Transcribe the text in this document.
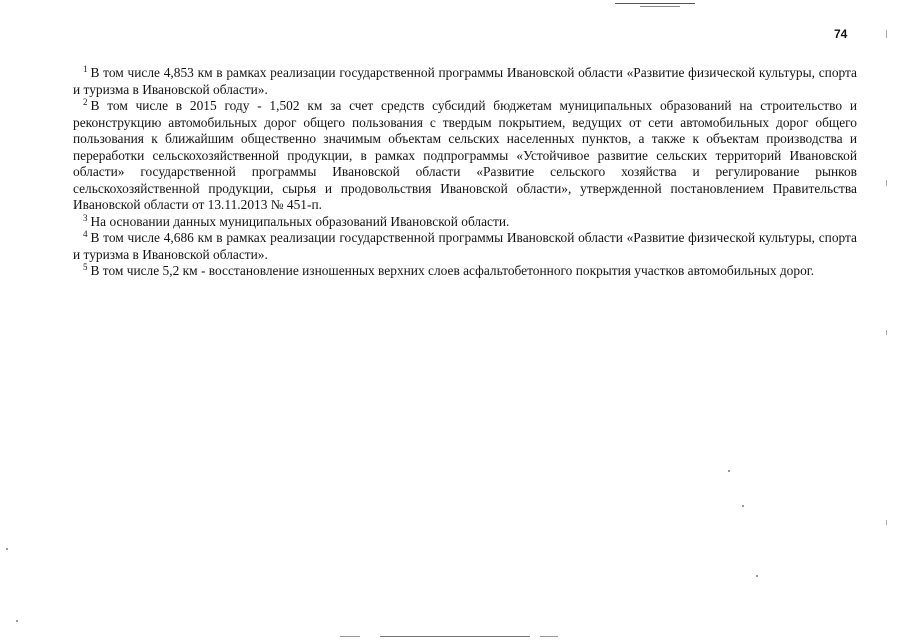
74

$^1$ В том числе 4,853 км в рамках реализации государственной программы Ивановской области «Развитие физической культуры, спорта и туризма в Ивановской области».

$^2$ В том числе в 2015 году - 1,502 км за счет средств субсидий бюджетам муниципальных образований на строительство и реконструкцию автомобильных дорог общего пользования с твердым покрытием, ведущих от сети автомобильных дорог общего пользования к ближайшим общественно значимым объектам сельских населенных пунктов, а также к объектам производства и переработки сельскохозяйственной продукции, в рамках подпрограммы «Устойчивое развитие сельских территорий Ивановской области» государственной программы Ивановской области «Развитие сельского хозяйства и регулирование рынков сельскохозяйственной продукции, сырья и продовольствия Ивановской области», утвержденной постановлением Правительства Ивановской области от 13.11.2013 № 451-п.

$^3$ На основании данных муниципальных образований Ивановской области.

$^4$ В том числе 4,686 км в рамках реализации государственной программы Ивановской области «Развитие физической культуры, спорта и туризма в Ивановской области».

$^5$ В том числе 5,2 км - восстановление изношенных верхних слоев асфальтобетонного покрытия участков автомобильных дорог.
